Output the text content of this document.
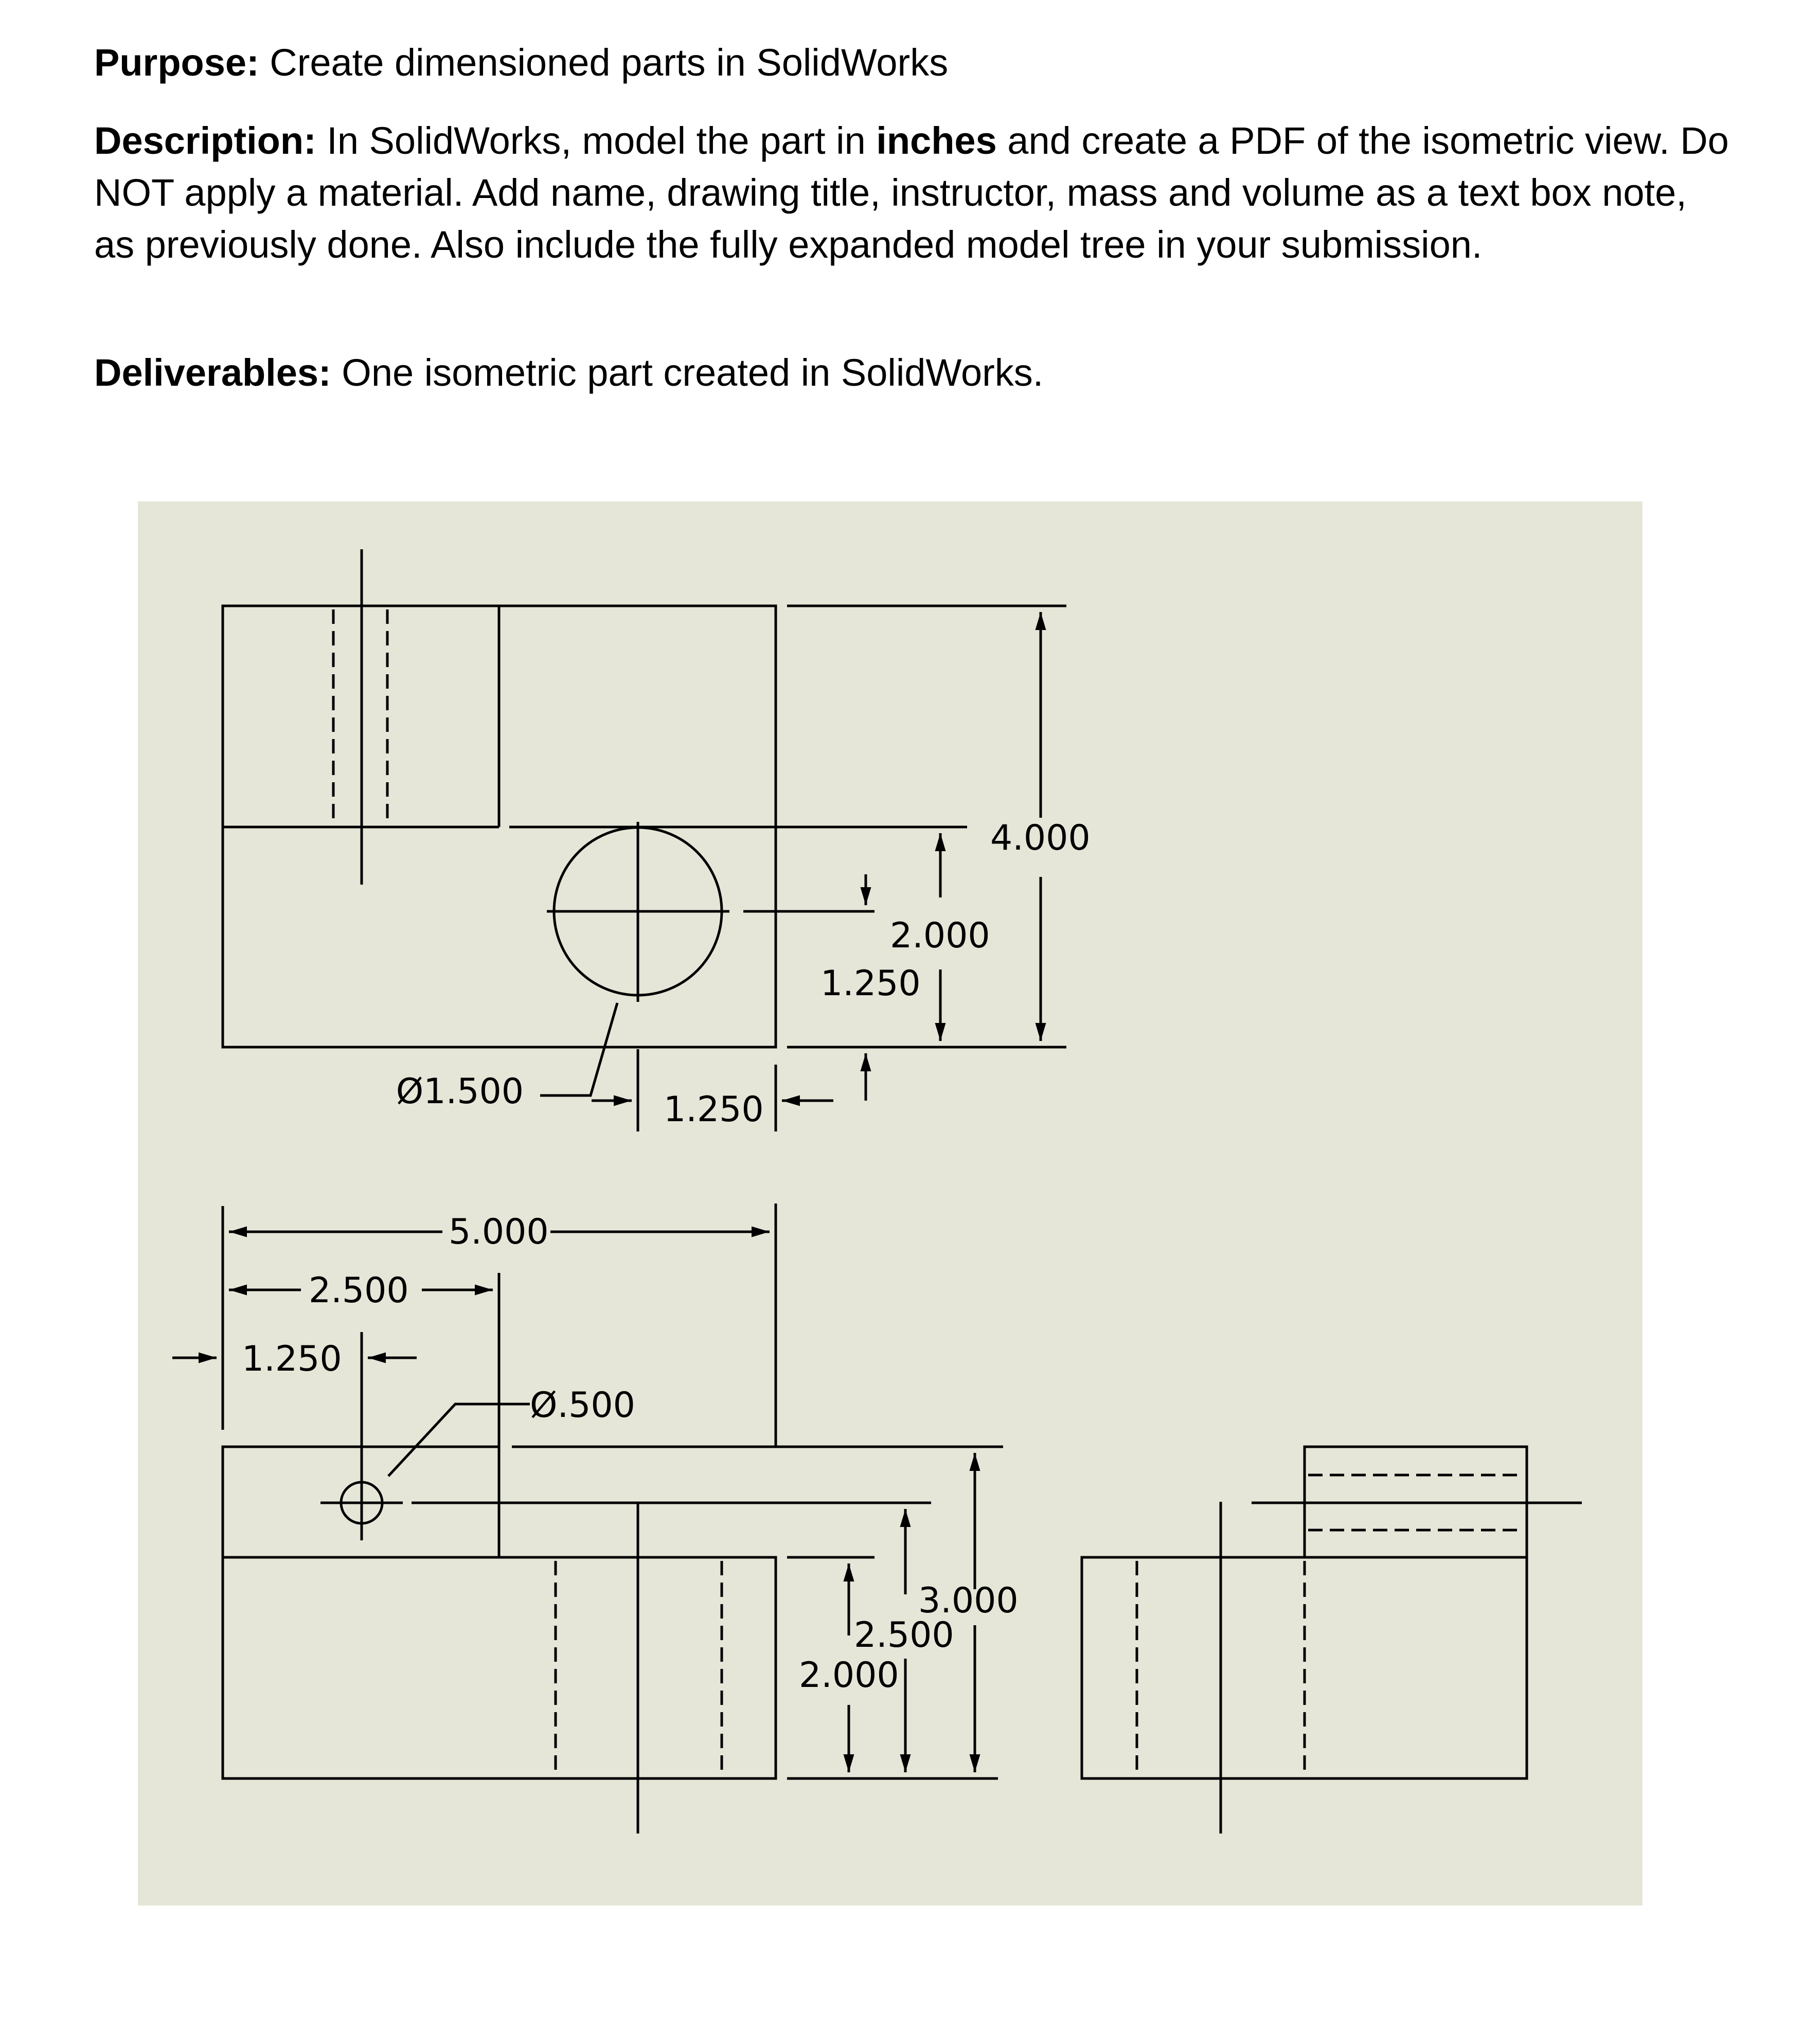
Purpose: Create dimensioned parts in SolidWorks

Description: In SolidWorks, model the part in inches and create a PDF of the isometric view. Do NOT apply a material. Add name, drawing title, instructor, mass and volume as a text box note, as previously done. Also include the fully expanded model tree in your submission.

Deliverables: One isometric part created in SolidWorks.

4.000
2.000
1.250
1.250
Ø1.500
5.000
2.500
1.250
Ø.500
3.000
2.500
2.000
